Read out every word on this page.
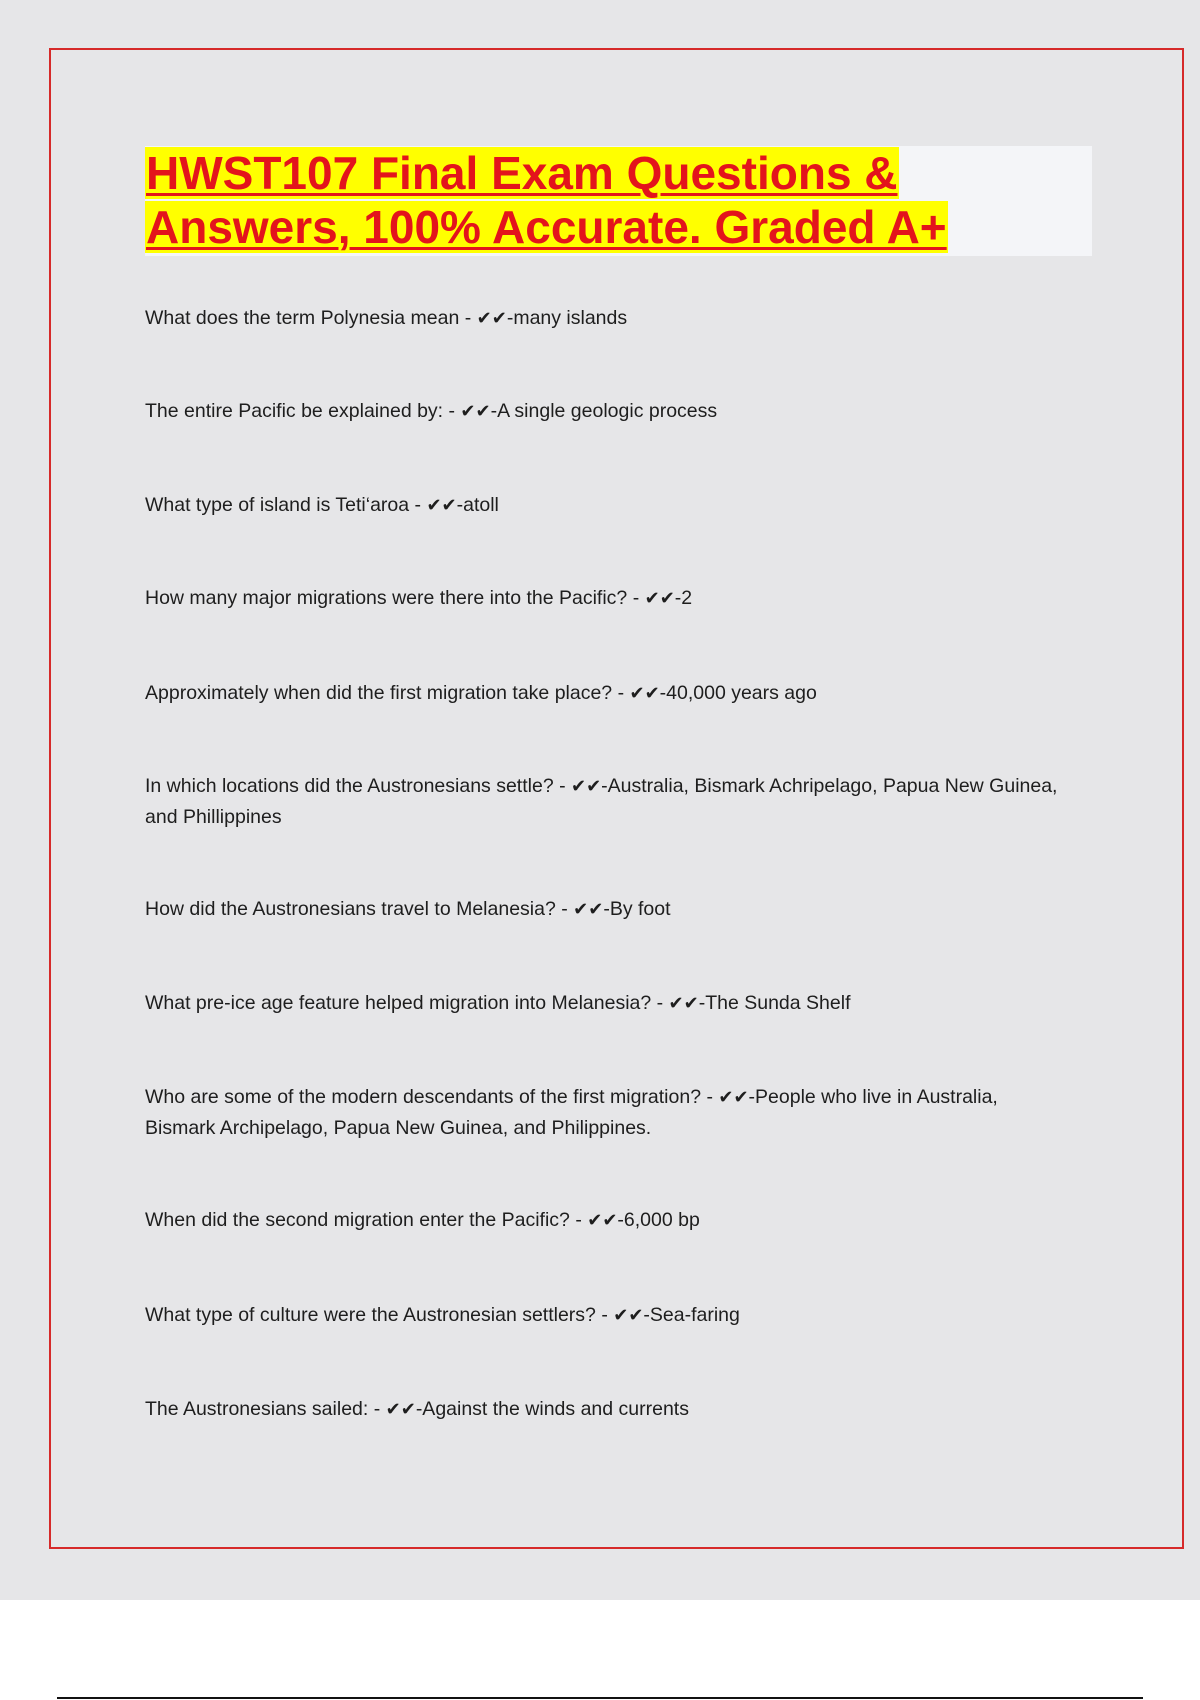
HWST107 Final Exam Questions &
Answers, 100% Accurate. Graded A+

What does the term Polynesia mean - ✔✔-many islands

The entire Pacific be explained by: - ✔✔-A single geologic process

What type of island is Teti‘aroa - ✔✔-atoll

How many major migrations were there into the Pacific? - ✔✔-2

Approximately when did the first migration take place? - ✔✔-40,000 years ago

In which locations did the Austronesians settle? - ✔✔-Australia, Bismark Achripelago, Papua New Guinea, and Phillippines

How did the Austronesians travel to Melanesia? - ✔✔-By foot

What pre-ice age feature helped migration into Melanesia? - ✔✔-The Sunda Shelf

Who are some of the modern descendants of the first migration? - ✔✔-People who live in Australia, Bismark Archipelago, Papua New Guinea, and Philippines.

When did the second migration enter the Pacific? - ✔✔-6,000 bp

What type of culture were the Austronesian settlers? - ✔✔-Sea-faring

The Austronesians sailed: - ✔✔-Against the winds and currents
